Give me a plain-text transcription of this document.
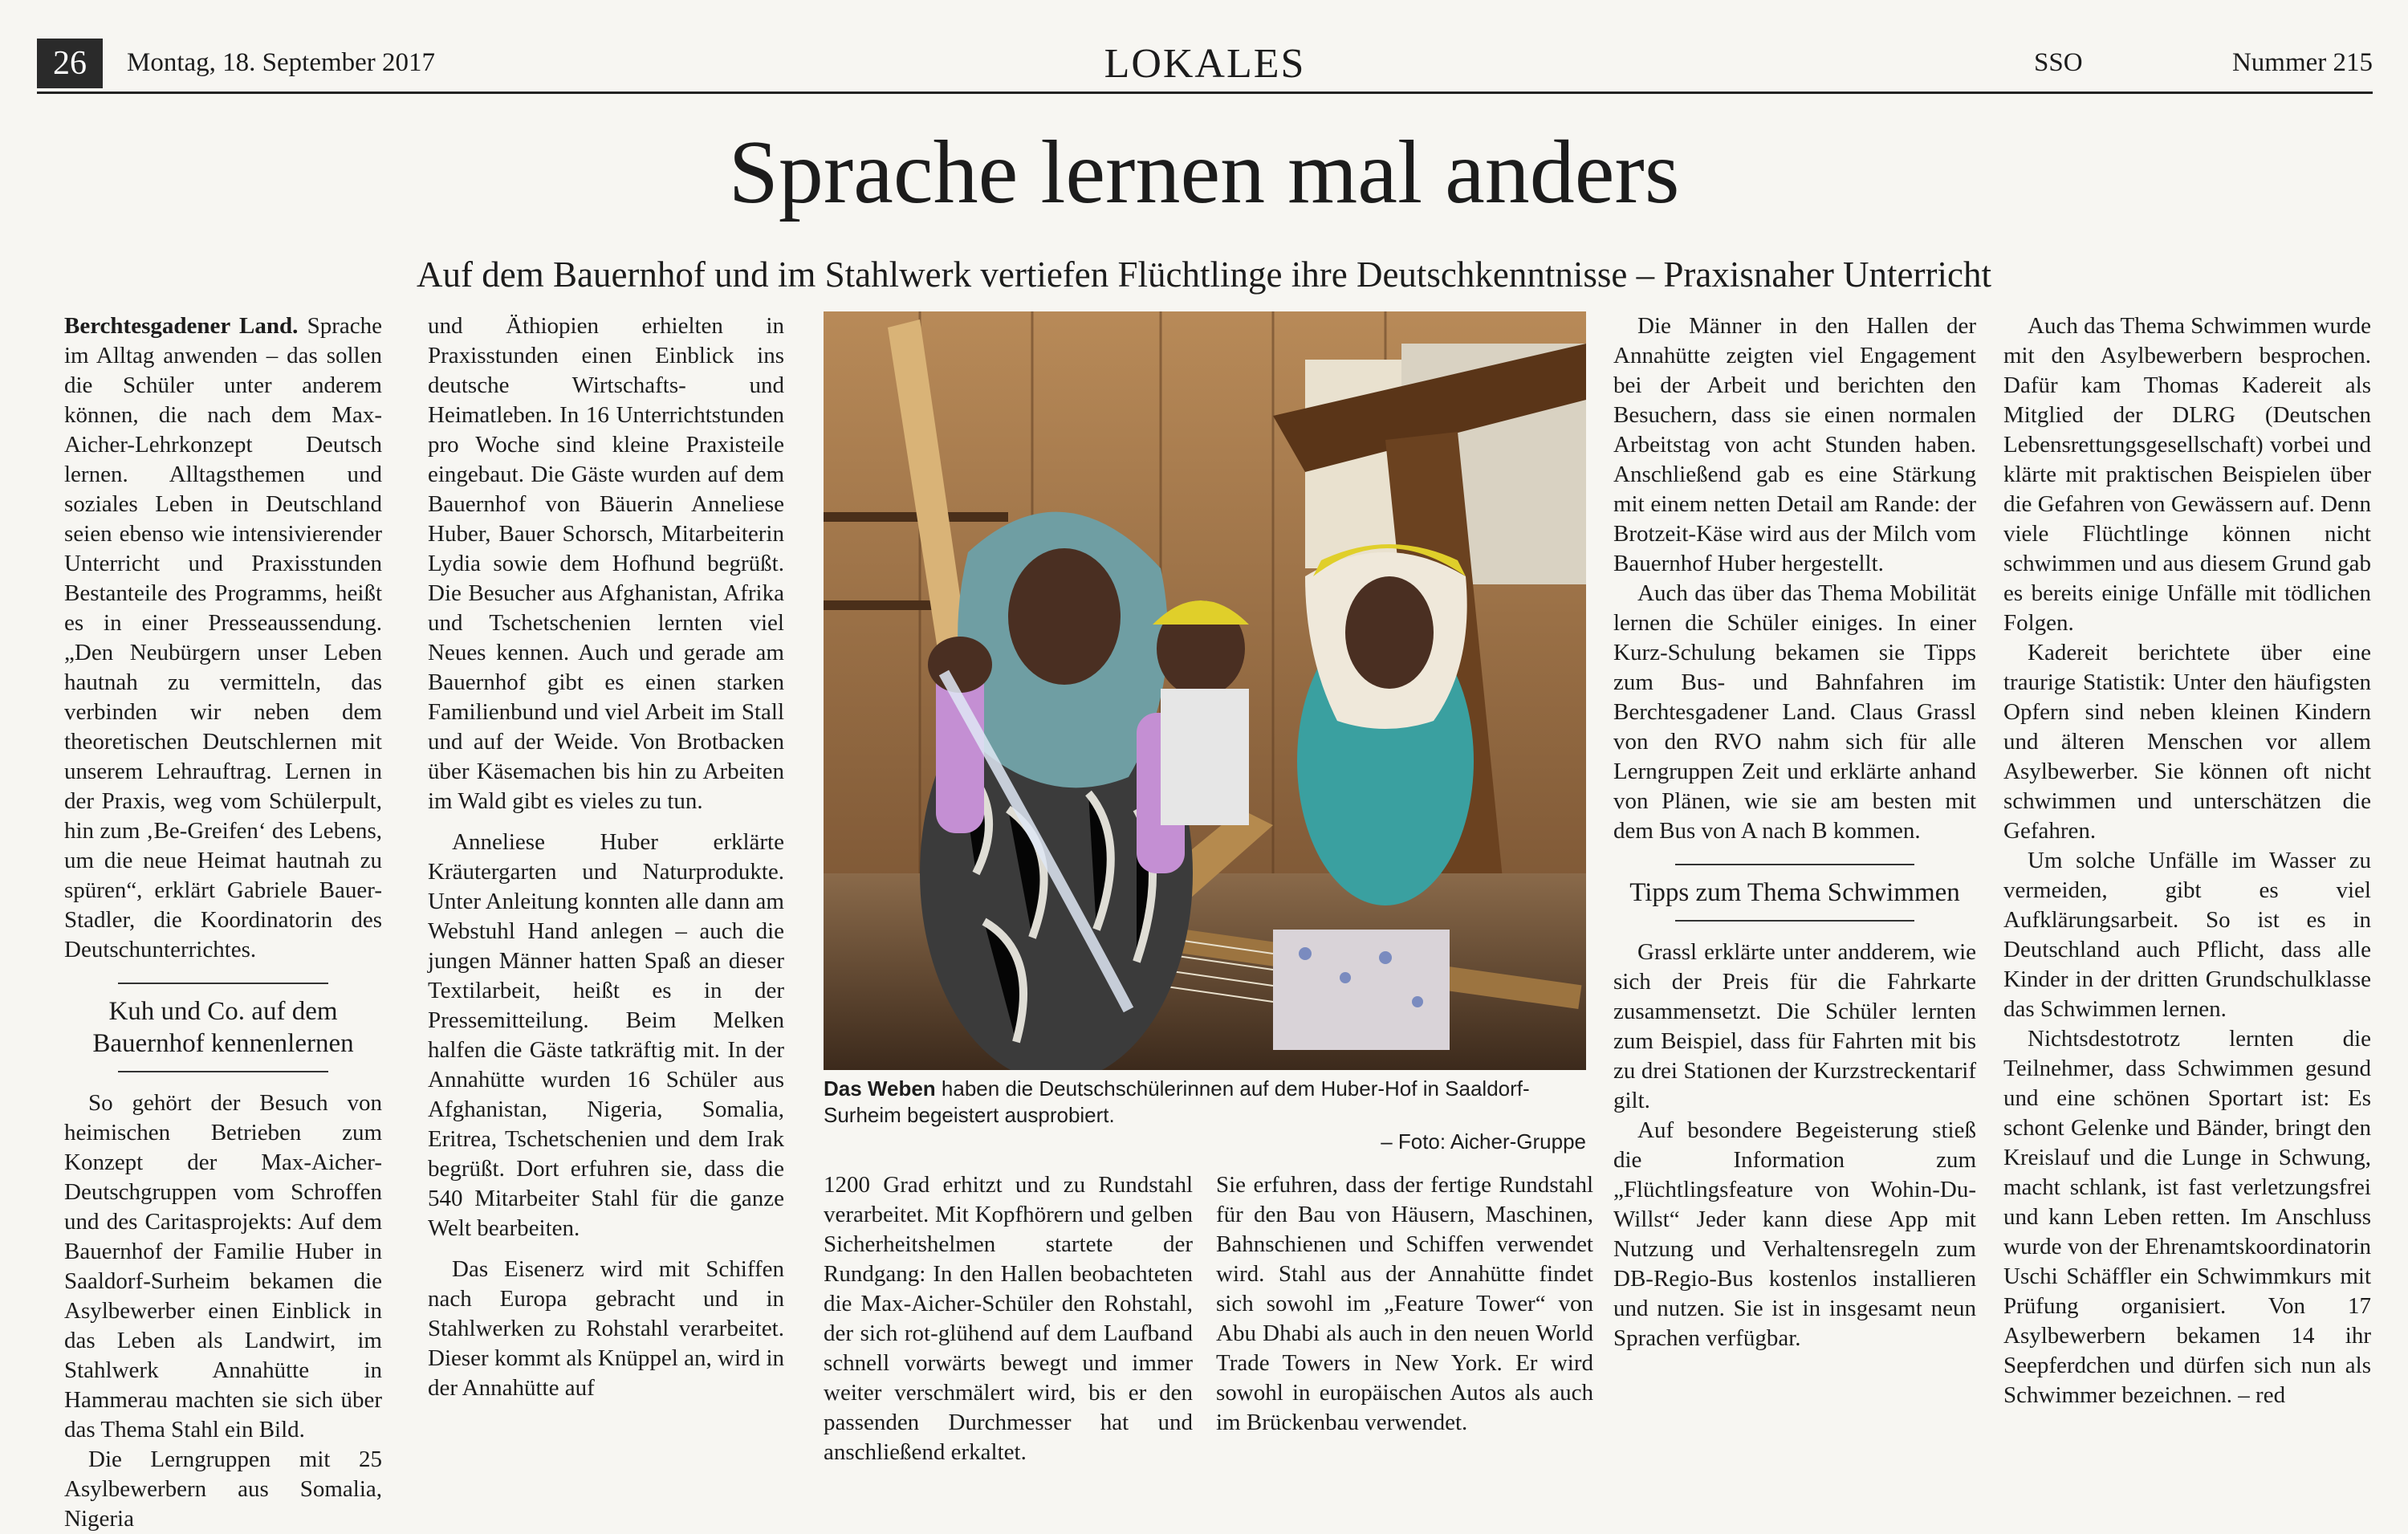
26	Montag, 18. September 2017	LOKALES	SSO	Nummer 215
Sprache lernen mal anders
Auf dem Bauernhof und im Stahlwerk vertiefen Flüchtlinge ihre Deutschkenntnisse – Praxisnaher Unterricht

Berchtesgadener Land. Sprache im Alltag anwenden – das sollen die Schüler unter anderem können, die nach dem Max-Aicher-Lehrkonzept Deutsch lernen. Alltagsthemen und soziales Leben in Deutschland seien ebenso wie intensivierender Unterricht und Praxisstunden Bestanteile des Programms, heißt es in einer Presseaussendung. „Den Neubürgern unser Leben hautnah zu vermitteln, das verbinden wir neben dem theoretischen Deutschlernen mit unserem Lehrauftrag. Lernen in der Praxis, weg vom Schülerpult, hin zum ‚Be-Greifen‘ des Lebens, um die neue Heimat hautnah zu spüren“, erklärt Gabriele Bauer-Stadler, die Koordinatorin des Deutschunterrichtes.

Kuh und Co. auf dem Bauernhof kennenlernen

So gehört der Besuch von heimischen Betrieben zum Konzept der Max-Aicher-Deutschgruppen vom Schroffen und des Caritasprojekts: Auf dem Bauernhof der Familie Huber in Saaldorf-Surheim bekamen die Asylbewerber einen Einblick in das Leben als Landwirt, im Stahlwerk Annahütte in Hammerau machten sie sich über das Thema Stahl ein Bild.

Die Lerngruppen mit 25 Asylbewerbern aus Somalia, Nigeria

und Äthiopien erhielten in Praxisstunden einen Einblick ins deutsche Wirtschafts- und Heimatleben. In 16 Unterrichtstunden pro Woche sind kleine Praxisteile eingebaut. Die Gäste wurden auf dem Bauernhof von Bäuerin Anneliese Huber, Bauer Schorsch, Mitarbeiterin Lydia sowie dem Hofhund begrüßt. Die Besucher aus Afghanistan, Afrika und Tschetschenien lernten viel Neues kennen. Auch und gerade am Bauernhof gibt es einen starken Familienbund und viel Arbeit im Stall und auf der Weide. Von Brotbacken über Käsemachen bis hin zu Arbeiten im Wald gibt es vieles zu tun.

Anneliese Huber erklärte Kräutergarten und Naturprodukte. Unter Anleitung konnten alle dann am Webstuhl Hand anlegen – auch die jungen Männer hatten Spaß an dieser Textilarbeit, heißt es in der Pressemitteilung. Beim Melken halfen die Gäste tatkräftig mit. In der Annahütte wurden 16 Schüler aus Afghanistan, Nigeria, Somalia, Eritrea, Tschetschenien und dem Irak begrüßt. Dort erfuhren sie, dass die 540 Mitarbeiter Stahl für die ganze Welt bearbeiten.

Das Eisenerz wird mit Schiffen nach Europa gebracht und in Stahlwerken zu Rohstahl verarbeitet. Dieser kommt als Knüppel an, wird in der Annahütte auf

Das Weben haben die Deutschschülerinnen auf dem Huber-Hof in Saaldorf-Surheim begeistert ausprobiert.
– Foto: Aicher-Gruppe

1200 Grad erhitzt und zu Rundstahl verarbeitet. Mit Kopfhörern und gelben Sicherheitshelmen startete der Rundgang: In den Hallen beobachteten die Max-Aicher-Schüler den Rohstahl, der sich rot-glühend auf dem Laufband schnell vorwärts bewegt und immer weiter verschmälert wird, bis er den passenden Durchmesser hat und anschließend erkaltet.

Sie erfuhren, dass der fertige Rundstahl für den Bau von Häusern, Maschinen, Bahnschienen und Schiffen verwendet wird. Stahl aus der Annahütte findet sich sowohl im „Feature Tower“ von Abu Dhabi als auch in den neuen World Trade Towers in New York. Er wird sowohl in europäischen Autos als auch im Brückenbau verwendet.

Die Männer in den Hallen der Annahütte zeigten viel Engagement bei der Arbeit und berichten den Besuchern, dass sie einen normalen Arbeitstag von acht Stunden haben. Anschließend gab es eine Stärkung mit einem netten Detail am Rande: der Brotzeit-Käse wird aus der Milch vom Bauernhof Huber hergestellt.

Auch das über das Thema Mobilität lernen die Schüler einiges. In einer Kurz-Schulung bekamen sie Tipps zum Bus- und Bahnfahren im Berchtesgadener Land. Claus Grassl von den RVO nahm sich für alle Lerngruppen Zeit und erklärte anhand von Plänen, wie sie am besten mit dem Bus von A nach B kommen.

Tipps zum Thema Schwimmen

Grassl erklärte unter andderem, wie sich der Preis für die Fahrkarte zusammensetzt. Die Schüler lernten zum Beispiel, dass für Fahrten mit bis zu drei Stationen der Kurzstreckentarif gilt.

Auf besondere Begeisterung stieß die Information zum „Flüchtlingsfeature von Wohin-Du-Willst“ Jeder kann diese App mit Nutzung und Verhaltensregeln zum DB-Regio-Bus kostenlos installieren und nutzen. Sie ist in insgesamt neun Sprachen verfügbar.

Auch das Thema Schwimmen wurde mit den Asylbewerbern besprochen. Dafür kam Thomas Kadereit als Mitglied der DLRG (Deutschen Lebensrettungsgesellschaft) vorbei und klärte mit praktischen Beispielen über die Gefahren von Gewässern auf. Denn viele Flüchtlinge können nicht schwimmen und aus diesem Grund gab es bereits einige Unfälle mit tödlichen Folgen.

Kadereit berichtete über eine traurige Statistik: Unter den häufigsten Opfern sind neben kleinen Kindern und älteren Menschen vor allem Asylbewerber. Sie können oft nicht schwimmen und unterschätzen die Gefahren.

Um solche Unfälle im Wasser zu vermeiden, gibt es viel Aufklärungsarbeit. So ist es in Deutschland auch Pflicht, dass alle Kinder in der dritten Grundschulklasse das Schwimmen lernen.

Nichtsdestotrotz lernten die Teilnehmer, dass Schwimmen gesund und eine schönen Sportart ist: Es schont Gelenke und Bänder, bringt den Kreislauf und die Lunge in Schwung, macht schlank, ist fast verletzungsfrei und kann Leben retten. Im Anschluss wurde von der Ehrenamtskoordinatorin Uschi Schäffler ein Schwimmkurs mit Prüfung organisiert. Von 17 Asylbewerbern bekamen 14 ihr Seepferdchen und dürfen sich nun als Schwimmer bezeichnen. – red
